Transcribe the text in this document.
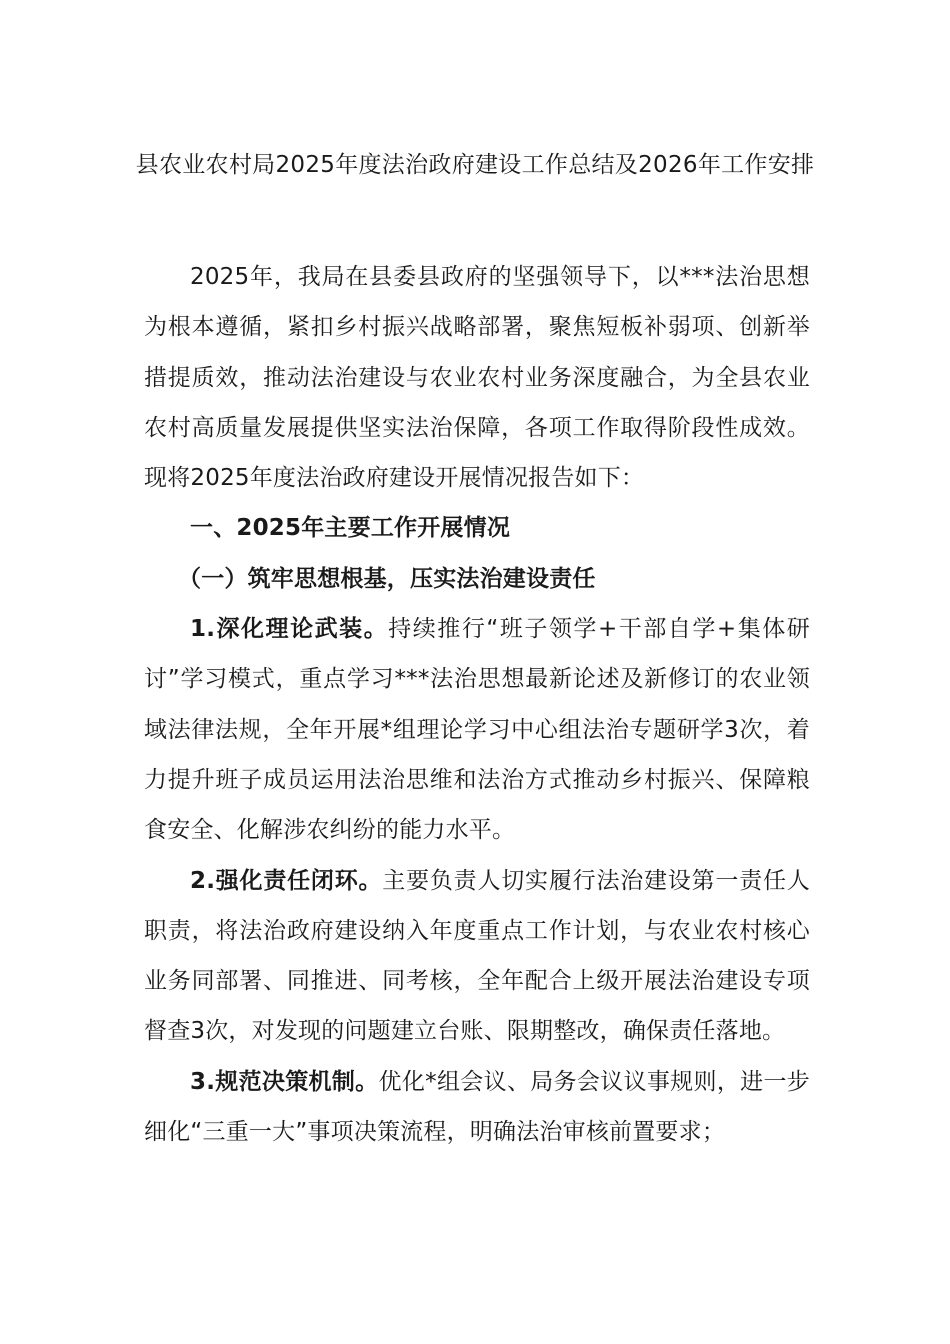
县农业农村局2025年度法治政府建设工作总结及2026年工作安排

2025年，我局在县委县政府的坚强领导下，以***法治思想为根本遵循，紧扣乡村振兴战略部署，聚焦短板补弱项、创新举措提质效，推动法治建设与农业农村业务深度融合，为全县农业农村高质量发展提供坚实法治保障，各项工作取得阶段性成效。现将2025年度法治政府建设开展情况报告如下：

一、2025年主要工作开展情况

（一）筑牢思想根基，压实法治建设责任

1.深化理论武装。持续推行“班子领学+干部自学+集体研讨”学习模式，重点学习***法治思想最新论述及新修订的农业领域法律法规，全年开展*组理论学习中心组法治专题研学3次，着力提升班子成员运用法治思维和法治方式推动乡村振兴、保障粮食安全、化解涉农纠纷的能力水平。

2.强化责任闭环。主要负责人切实履行法治建设第一责任人职责，将法治政府建设纳入年度重点工作计划，与农业农村核心业务同部署、同推进、同考核，全年配合上级开展法治建设专项督查3次，对发现的问题建立台账、限期整改，确保责任落地。

3.规范决策机制。优化*组会议、局务会议议事规则，进一步细化“三重一大”事项决策流程，明确法治审核前置要求；
